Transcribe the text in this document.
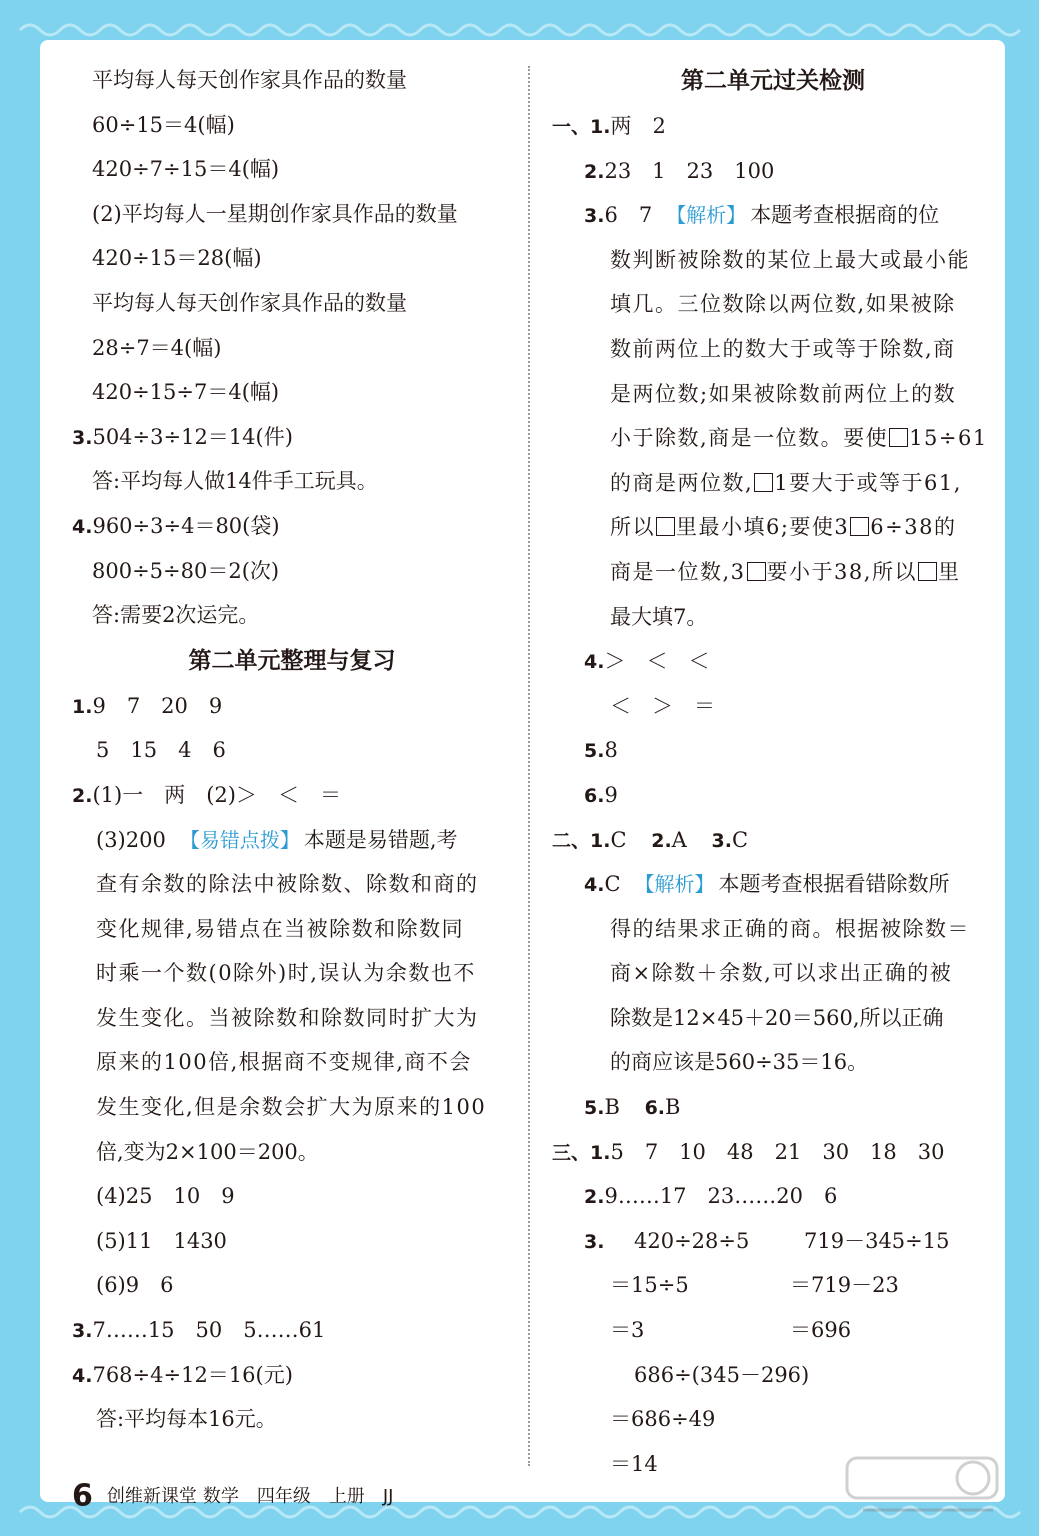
平均每人每天创作家具作品的数量
60÷15＝4(幅)
420÷7÷15＝4(幅)
(2)平均每人一星期创作家具作品的数量
420÷15＝28(幅)
平均每人每天创作家具作品的数量
28÷7＝4(幅)
420÷15÷7＝4(幅)
3.504÷3÷12＝14(件)
答:平均每人做14件手工玩具。
4.960÷3÷4＝80(袋)
800÷5÷80＝2(次)
答:需要2次运完。
第二单元整理与复习
1.9　7　20　9
5　15　4　6
2.(1)一　两　(2)＞　＜　＝
(3)200 【易错点拨】 本题是易错题,考
查有余数的除法中被除数、除数和商的
变化规律,易错点在当被除数和除数同
时乘一个数(0除外)时,误认为余数也不
发生变化。当被除数和除数同时扩大为
原来的100倍,根据商不变规律,商不会
发生变化,但是余数会扩大为原来的100
倍,变为2×100＝200。
(4)25　10　9
(5)11　1430
(6)9　6
3.7……15　50　5……61
4.768÷4÷12＝16(元)
答:平均每本16元。
第二单元过关检测
一、1.两　2
2.23　1　23　100
3.6　7 【解析】 本题考查根据商的位
数判断被除数的某位上最大或最小能
填几。三位数除以两位数,如果被除
数前两位上的数大于或等于除数,商
是两位数;如果被除数前两位上的数
小于除数,商是一位数。要使 15÷61
的商是两位数, 1要大于或等于61,
所以 里最小填6;要使3 6÷38的
商是一位数,3 要小于38,所以 里
最大填7。
4.＞　＜　＜
＜　＞　＝
5.8
6.9
二、1.C 2.A 3.C
4.C 【解析】 本题考查根据看错除数所
得的结果求正确的商。根据被除数＝
商×除数＋余数,可以求出正确的被
除数是12×45＋20＝560,所以正确
的商应该是560÷35＝16。
5.B 6.B
三、1.5　7　10　48　21　30　18　30
2.9……17　23……20　6
3. 420÷28÷5	719－345÷15
＝15÷5	＝719－23
＝3	＝696
686÷(345－296)
＝686÷49
＝14
6 创维新课堂 数学　四年级　上册　JJ
